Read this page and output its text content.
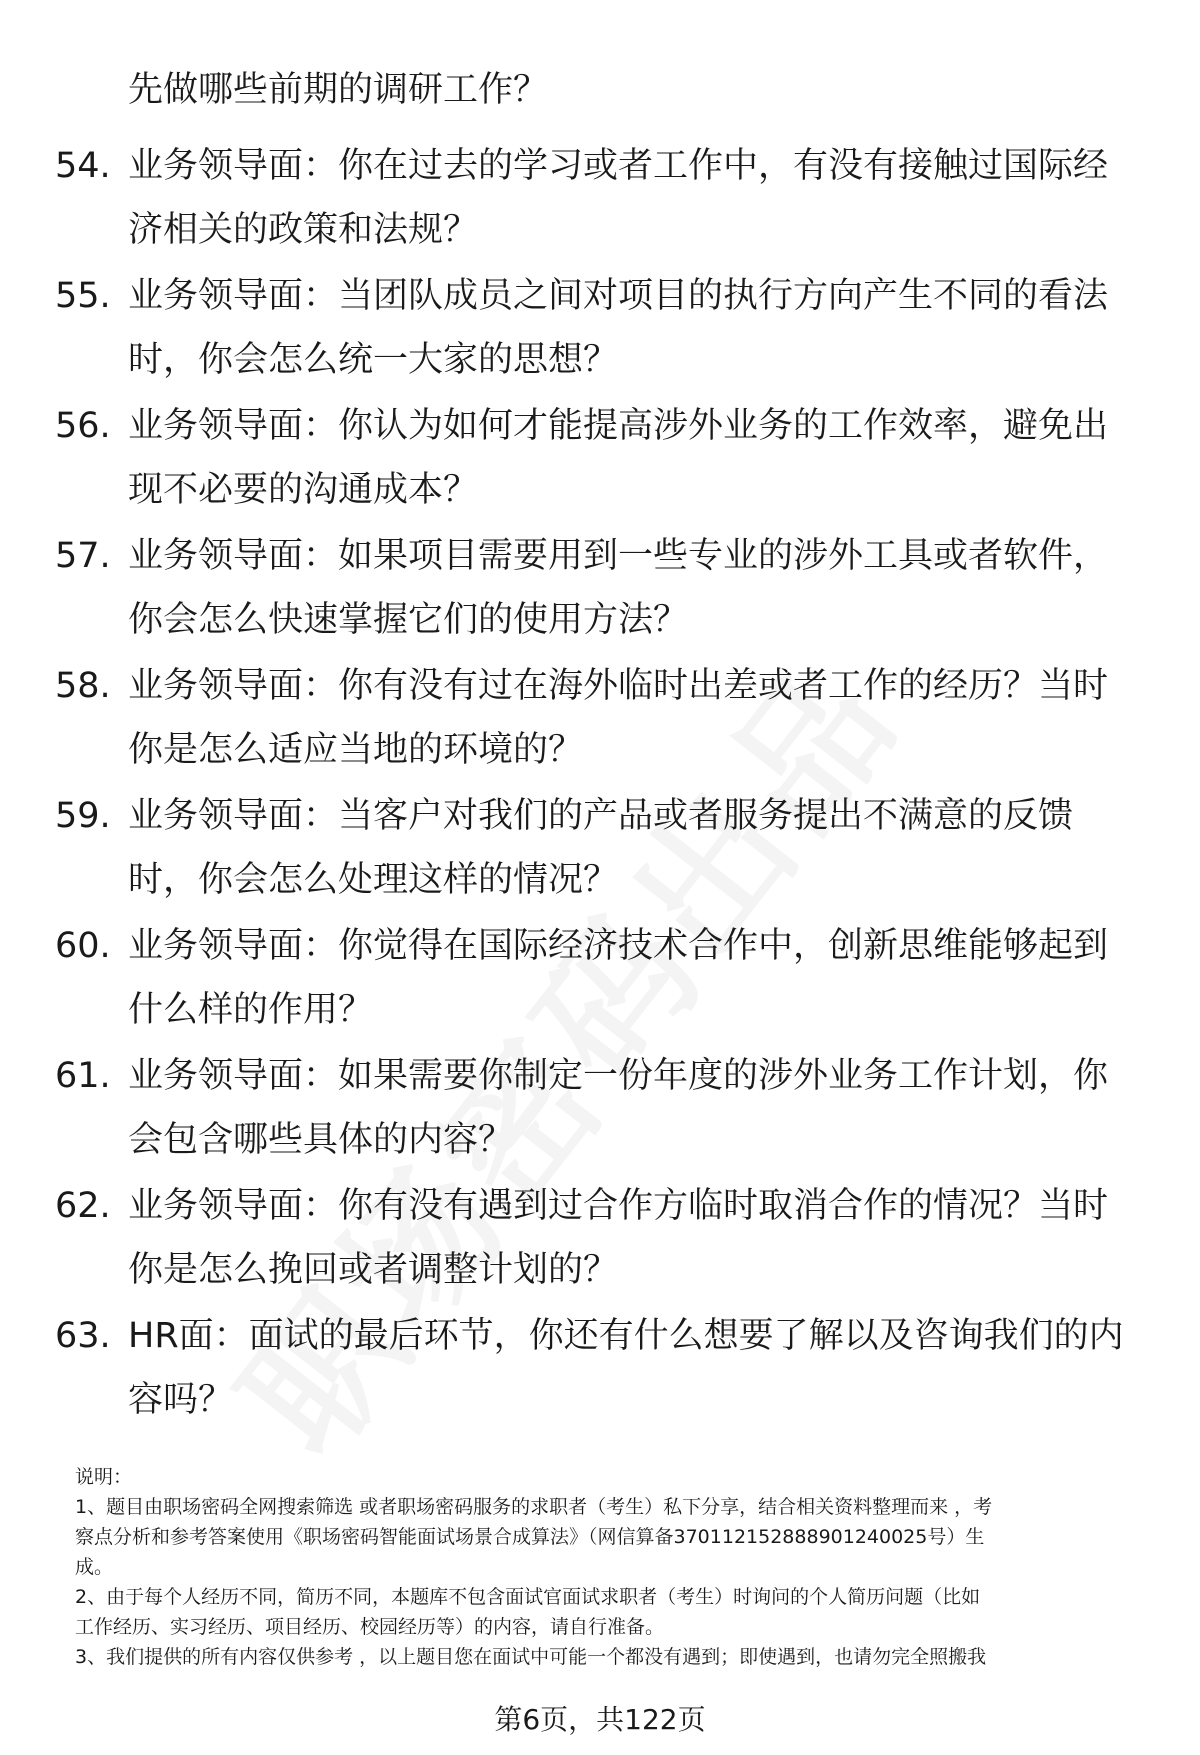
先做哪些前期的调研工作？
54. 业务领导面：你在过去的学习或者工作中，有没有接触过国际经
济相关的政策和法规？
55. 业务领导面：当团队成员之间对项目的执行方向产生不同的看法
时，你会怎么统一大家的思想？
56. 业务领导面：你认为如何才能提高涉外业务的工作效率，避免出
现不必要的沟通成本？
57. 业务领导面：如果项目需要用到一些专业的涉外工具或者软件，
你会怎么快速掌握它们的使用方法？
58. 业务领导面：你有没有过在海外临时出差或者工作的经历？当时
你是怎么适应当地的环境的？
59. 业务领导面：当客户对我们的产品或者服务提出不满意的反馈
时，你会怎么处理这样的情况？
60. 业务领导面：你觉得在国际经济技术合作中，创新思维能够起到
什么样的作用？
61. 业务领导面：如果需要你制定一份年度的涉外业务工作计划，你
会包含哪些具体的内容？
62. 业务领导面：你有没有遇到过合作方临时取消合作的情况？当时
你是怎么挽回或者调整计划的？
63. HR面：面试的最后环节，你还有什么想要了解以及咨询我们的内
容吗？
说明：
1、题目由职场密码全网搜索筛选 或者职场密码服务的求职者（考生）私下分享，结合相关资料整理而来 ，考
察点分析和参考答案使用《职场密码智能面试场景合成算法》（网信算备370112152888901240025号）生
成。
2、由于每个人经历不同，简历不同，本题库不包含面试官面试求职者（考生）时询问的个人简历问题（比如
工作经历、实习经历、项目经历、校园经历等）的内容，请自行准备。
3、我们提供的所有内容仅供参考 ，以上题目您在面试中可能一个都没有遇到；即使遇到，也请勿完全照搬我
第6页，共122页
